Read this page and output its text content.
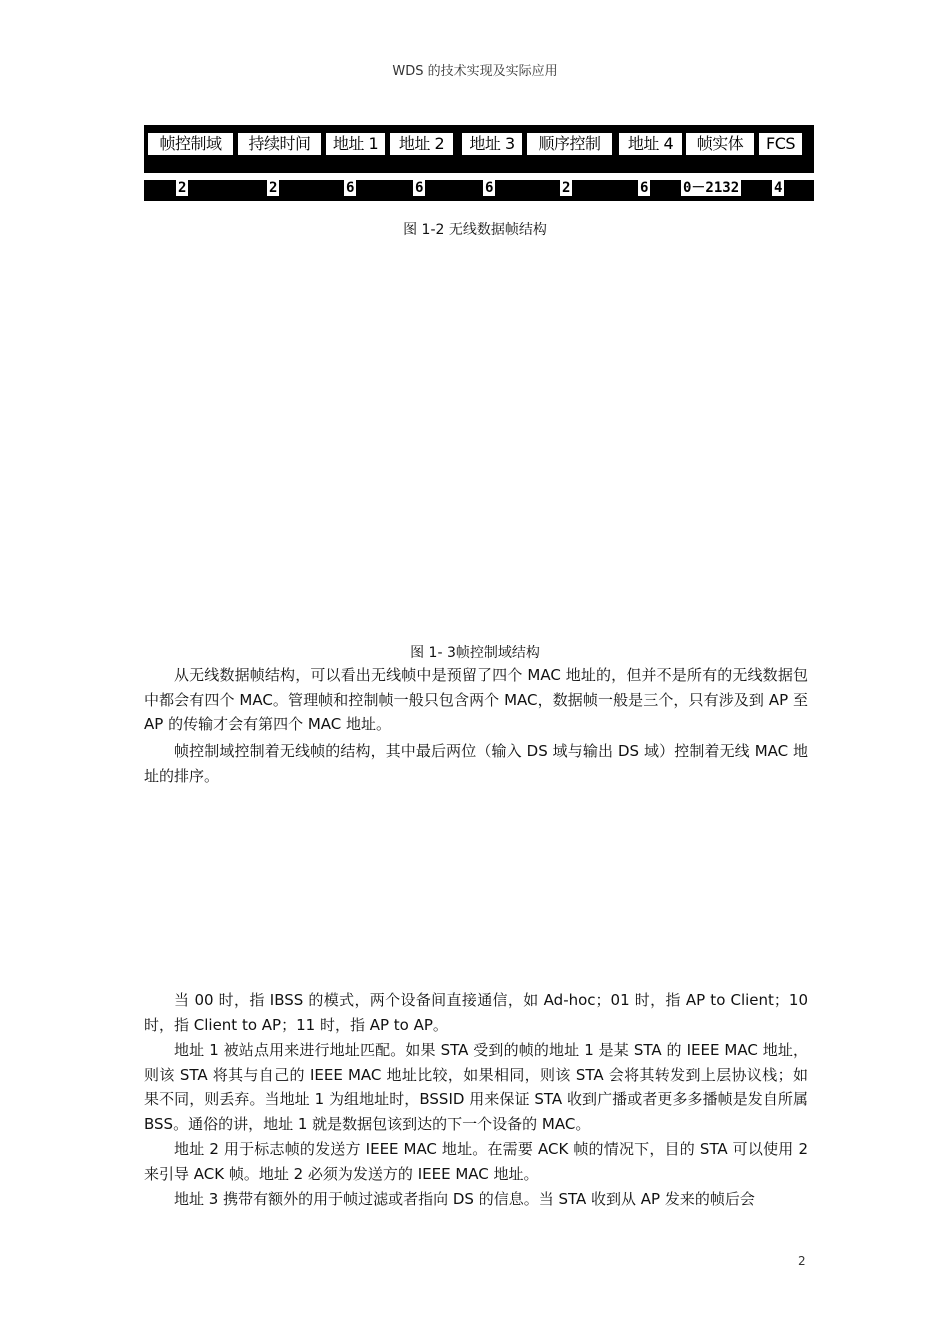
WDS 的技术实现及实际应用
帧控制域	持续时间	地址 1	地址 2	地址 3	顺序控制	地址 4	帧实体	FCS
2	2	6	6	6	2	6 0－2132 4
图 1-2 无线数据帧结构
图 1- 3帧控制域结构

从无线数据帧结构，可以看出无线帧中是预留了四个 MAC 地址的，但并不是所有的无线数据包中都会有四个 MAC。管理帧和控制帧一般只包含两个 MAC，数据帧一般是三个，只有涉及到 AP 至 AP 的传输才会有第四个 MAC 地址。

帧控制域控制着无线帧的结构，其中最后两位（输入 DS 域与输出 DS 域）控制着无线 MAC 地址的排序。

当 00 时，指 IBSS 的模式，两个设备间直接通信，如 Ad-hoc；01 时，指 AP to Client；10 时，指 Client to AP；11 时，指 AP to AP。

地址 1 被站点用来进行地址匹配。如果 STA 受到的帧的地址 1 是某 STA 的 IEEE MAC 地址，则该 STA 将其与自己的 IEEE MAC 地址比较，如果相同，则该 STA 会将其转发到上层协议栈；如果不同，则丢弃。当地址 1 为组地址时，BSSID 用来保证 STA 收到广播或者更多多播帧是发自所属 BSS。通俗的讲，地址 1 就是数据包该到达的下一个设备的 MAC。

地址 2 用于标志帧的发送方 IEEE MAC 地址。在需要 ACK 帧的情况下，目的 STA 可以使用 2 来引导 ACK 帧。地址 2 必须为发送方的 IEEE MAC 地址。

地址 3 携带有额外的用于帧过滤或者指向 DS 的信息。当 STA 收到从 AP 发来的帧后会

2
